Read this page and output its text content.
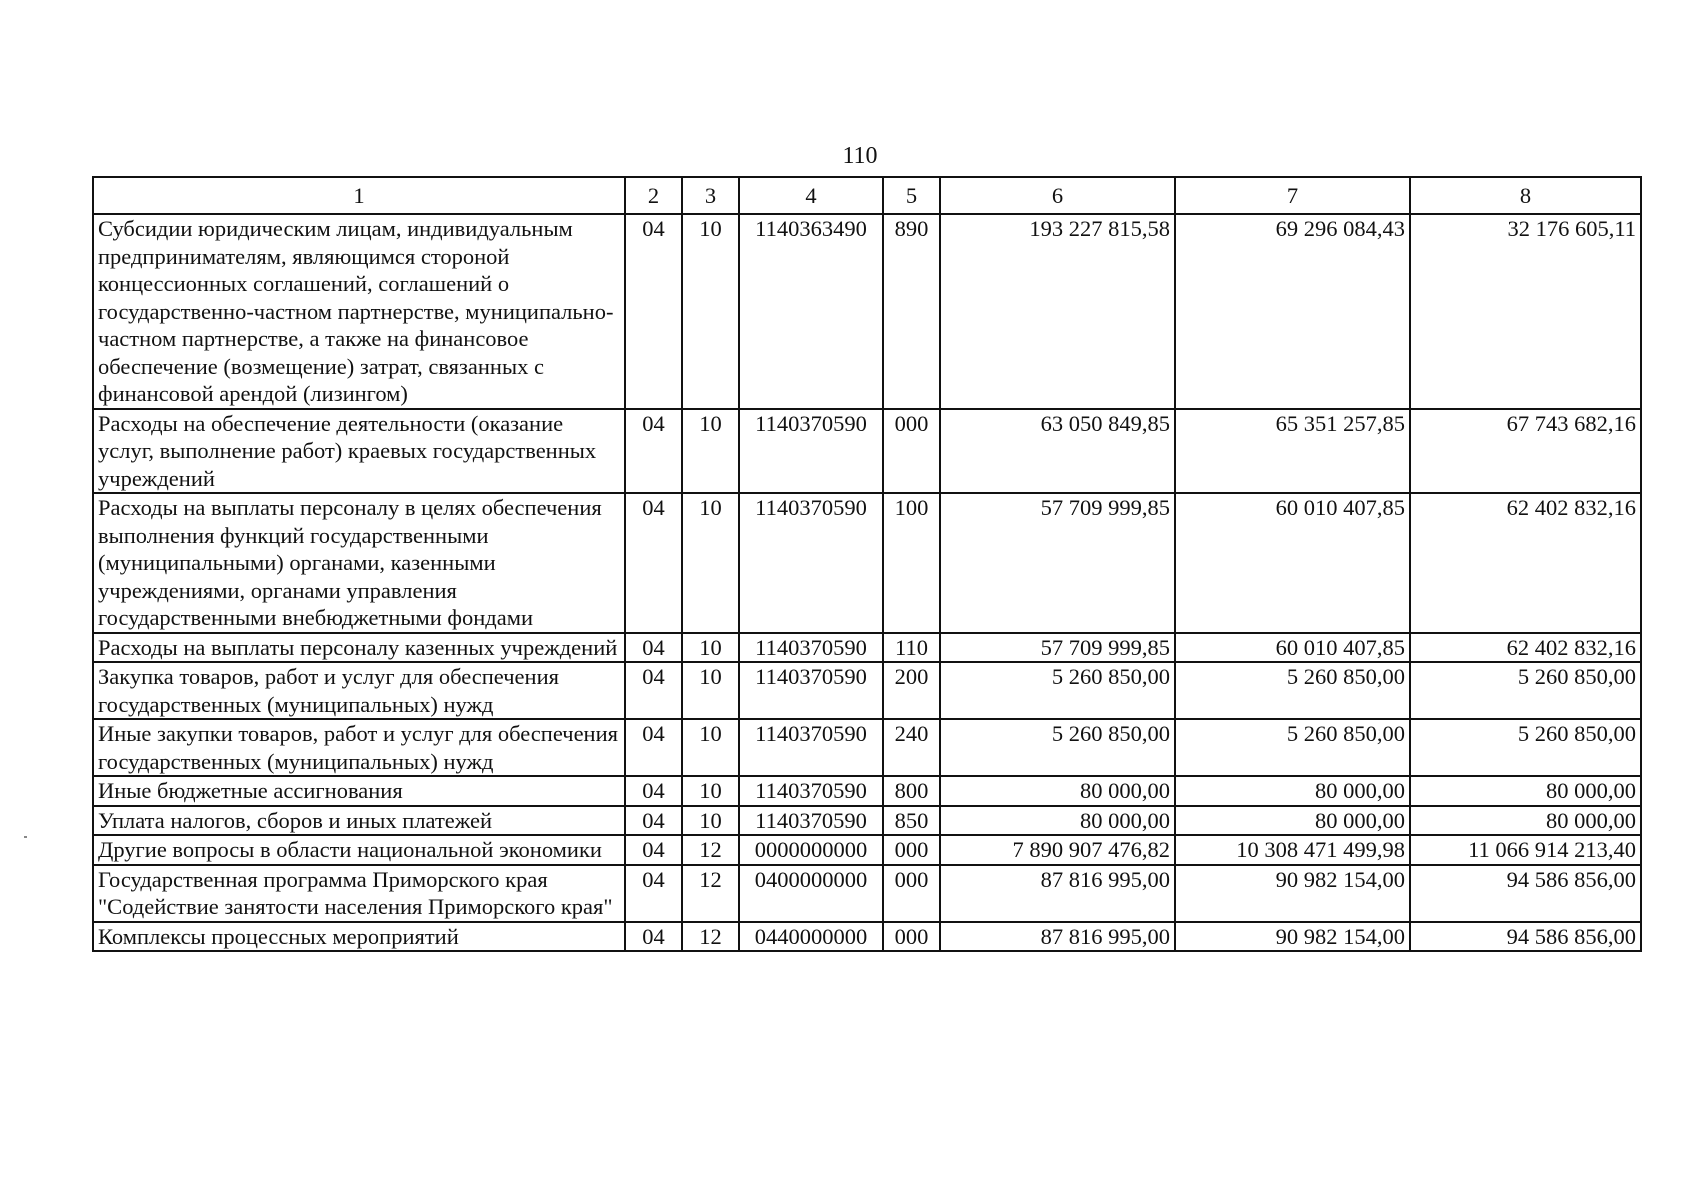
110
1	2	3	4	5	6	7	8
Субсидии юридическим лицам, индивидуальным предпринимателям, являющимся стороной концессионных соглашений, соглашений о государственно-частном партнерстве, муниципально-частном партнерстве, а также на финансовое обеспечение (возмещение) затрат, связанных с финансовой арендой (лизингом)	04	10	1140363490	890	193 227 815,58	69 296 084,43	32 176 605,11
Расходы на обеспечение деятельности (оказание услуг, выполнение работ) краевых государственных учреждений	04	10	1140370590	000	63 050 849,85	65 351 257,85	67 743 682,16
Расходы на выплаты персоналу в целях обеспечения выполнения функций государственными (муниципальными) органами, казенными учреждениями, органами управления государственными внебюджетными фондами	04	10	1140370590	100	57 709 999,85	60 010 407,85	62 402 832,16
Расходы на выплаты персоналу казенных учреждений	04	10	1140370590	110	57 709 999,85	60 010 407,85	62 402 832,16
Закупка товаров, работ и услуг для обеспечения государственных (муниципальных) нужд	04	10	1140370590	200	5 260 850,00	5 260 850,00	5 260 850,00
Иные закупки товаров, работ и услуг для обеспечения государственных (муниципальных) нужд	04	10	1140370590	240	5 260 850,00	5 260 850,00	5 260 850,00
Иные бюджетные ассигнования	04	10	1140370590	800	80 000,00	80 000,00	80 000,00
Уплата налогов, сборов и иных платежей	04	10	1140370590	850	80 000,00	80 000,00	80 000,00
Другие вопросы в области национальной экономики	04	12	0000000000	000	7 890 907 476,82	10 308 471 499,98	11 066 914 213,40
Государственная программа Приморского края "Содействие занятости населения Приморского края"	04	12	0400000000	000	87 816 995,00	90 982 154,00	94 586 856,00
Комплексы процессных мероприятий	04	12	0440000000	000	87 816 995,00	90 982 154,00	94 586 856,00
